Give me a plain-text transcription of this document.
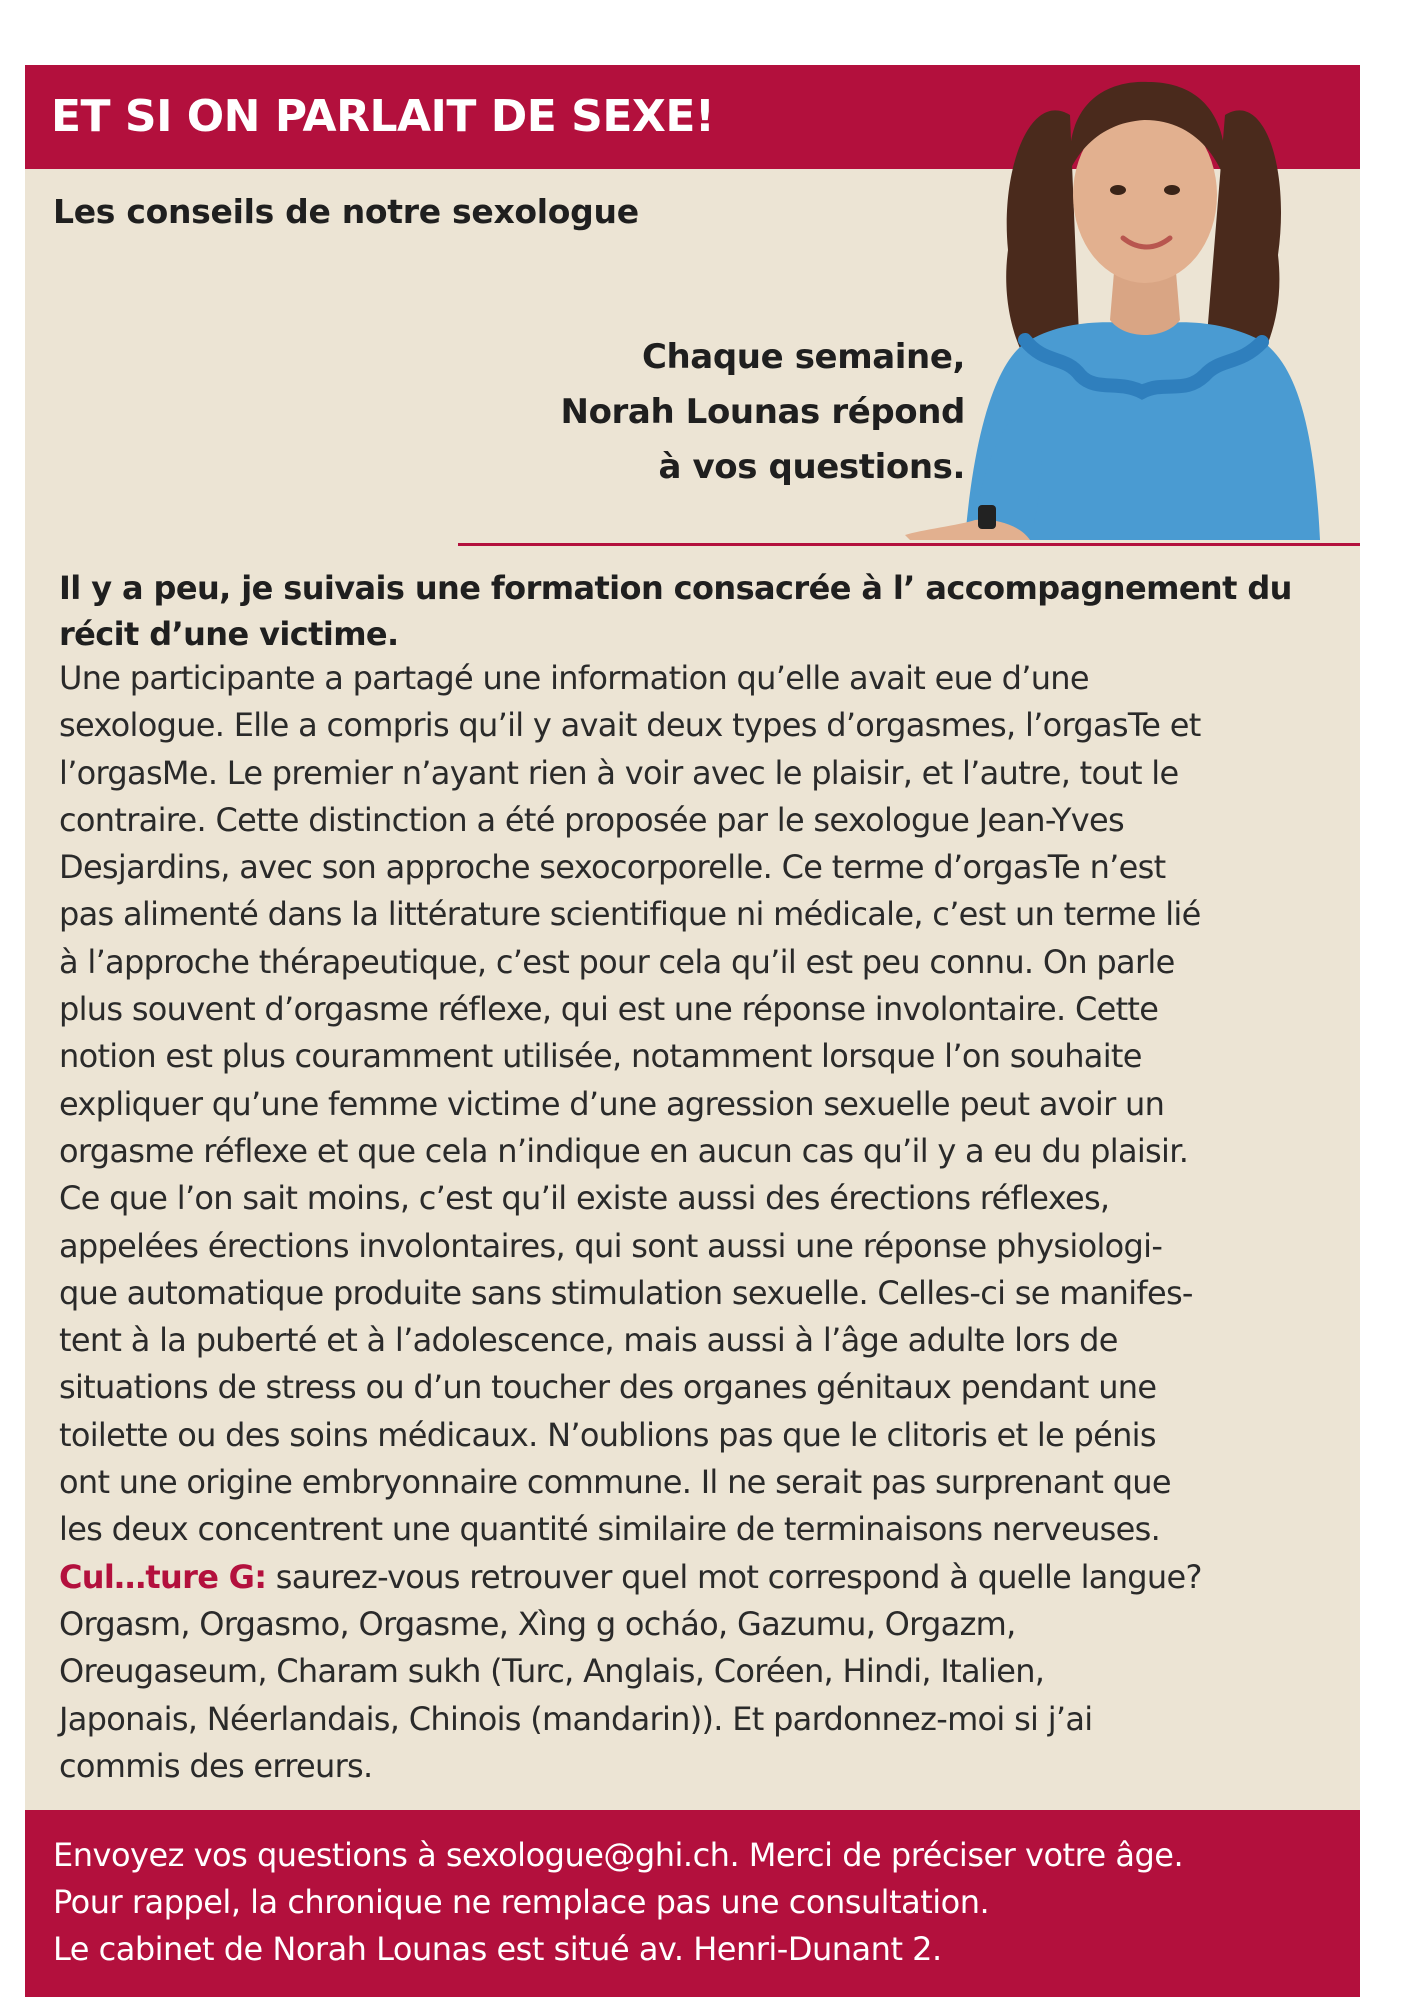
ET SI ON PARLAIT DE SEXE!
Les conseils de notre sexologue
Chaque semaine,
Norah Lounas répond
à vos questions.
Il y a peu, je suivais une formation consacrée à l’ accompagnement du récit d’une victime.

Une participante a partagé une information qu’elle avait eue d’une

sexologue. Elle a compris qu’il y avait deux types d’orgasmes, l’orgasTe et

l’orgasMe. Le premier n’ayant rien à voir avec le plaisir, et l’autre, tout le

contraire. Cette distinction a été proposée par le sexologue Jean-Yves

Desjardins, avec son approche sexocorporelle. Ce terme d’orgasTe n’est

pas alimenté dans la littérature scientifique ni médicale, c’est un terme lié

à l’approche thérapeutique, c’est pour cela qu’il est peu connu. On parle

plus souvent d’orgasme réflexe, qui est une réponse involontaire. Cette

notion est plus couramment utilisée, notamment lorsque l’on souhaite

expliquer qu’une femme victime d’une agression sexuelle peut avoir un

orgasme réflexe et que cela n’indique en aucun cas qu’il y a eu du plaisir.

Ce que l’on sait moins, c’est qu’il existe aussi des érections réflexes,

appelées érections involontaires, qui sont aussi une réponse physiologi-

que automatique produite sans stimulation sexuelle. Celles-ci se manifes-

tent à la puberté et à l’adolescence, mais aussi à l’âge adulte lors de

situations de stress ou d’un toucher des organes génitaux pendant une

toilette ou des soins médicaux. N’oublions pas que le clitoris et le pénis

ont une origine embryonnaire commune. Il ne serait pas surprenant que

les deux concentrent une quantité similaire de terminaisons nerveuses.

Cul…ture G: saurez-vous retrouver quel mot correspond à quelle langue?

Orgasm, Orgasmo, Orgasme, Xìng g ocháo, Gazumu, Orgazm,

Oreugaseum, Charam sukh (Turc, Anglais, Coréen, Hindi, Italien,

Japonais, Néerlandais, Chinois (mandarin)). Et pardonnez-moi si j’ai

commis des erreurs.

Envoyez vos questions à sexologue@ghi.ch. Merci de préciser votre âge.

Pour rappel, la chronique ne remplace pas une consultation.

Le cabinet de Norah Lounas est situé av. Henri-Dunant 2.
